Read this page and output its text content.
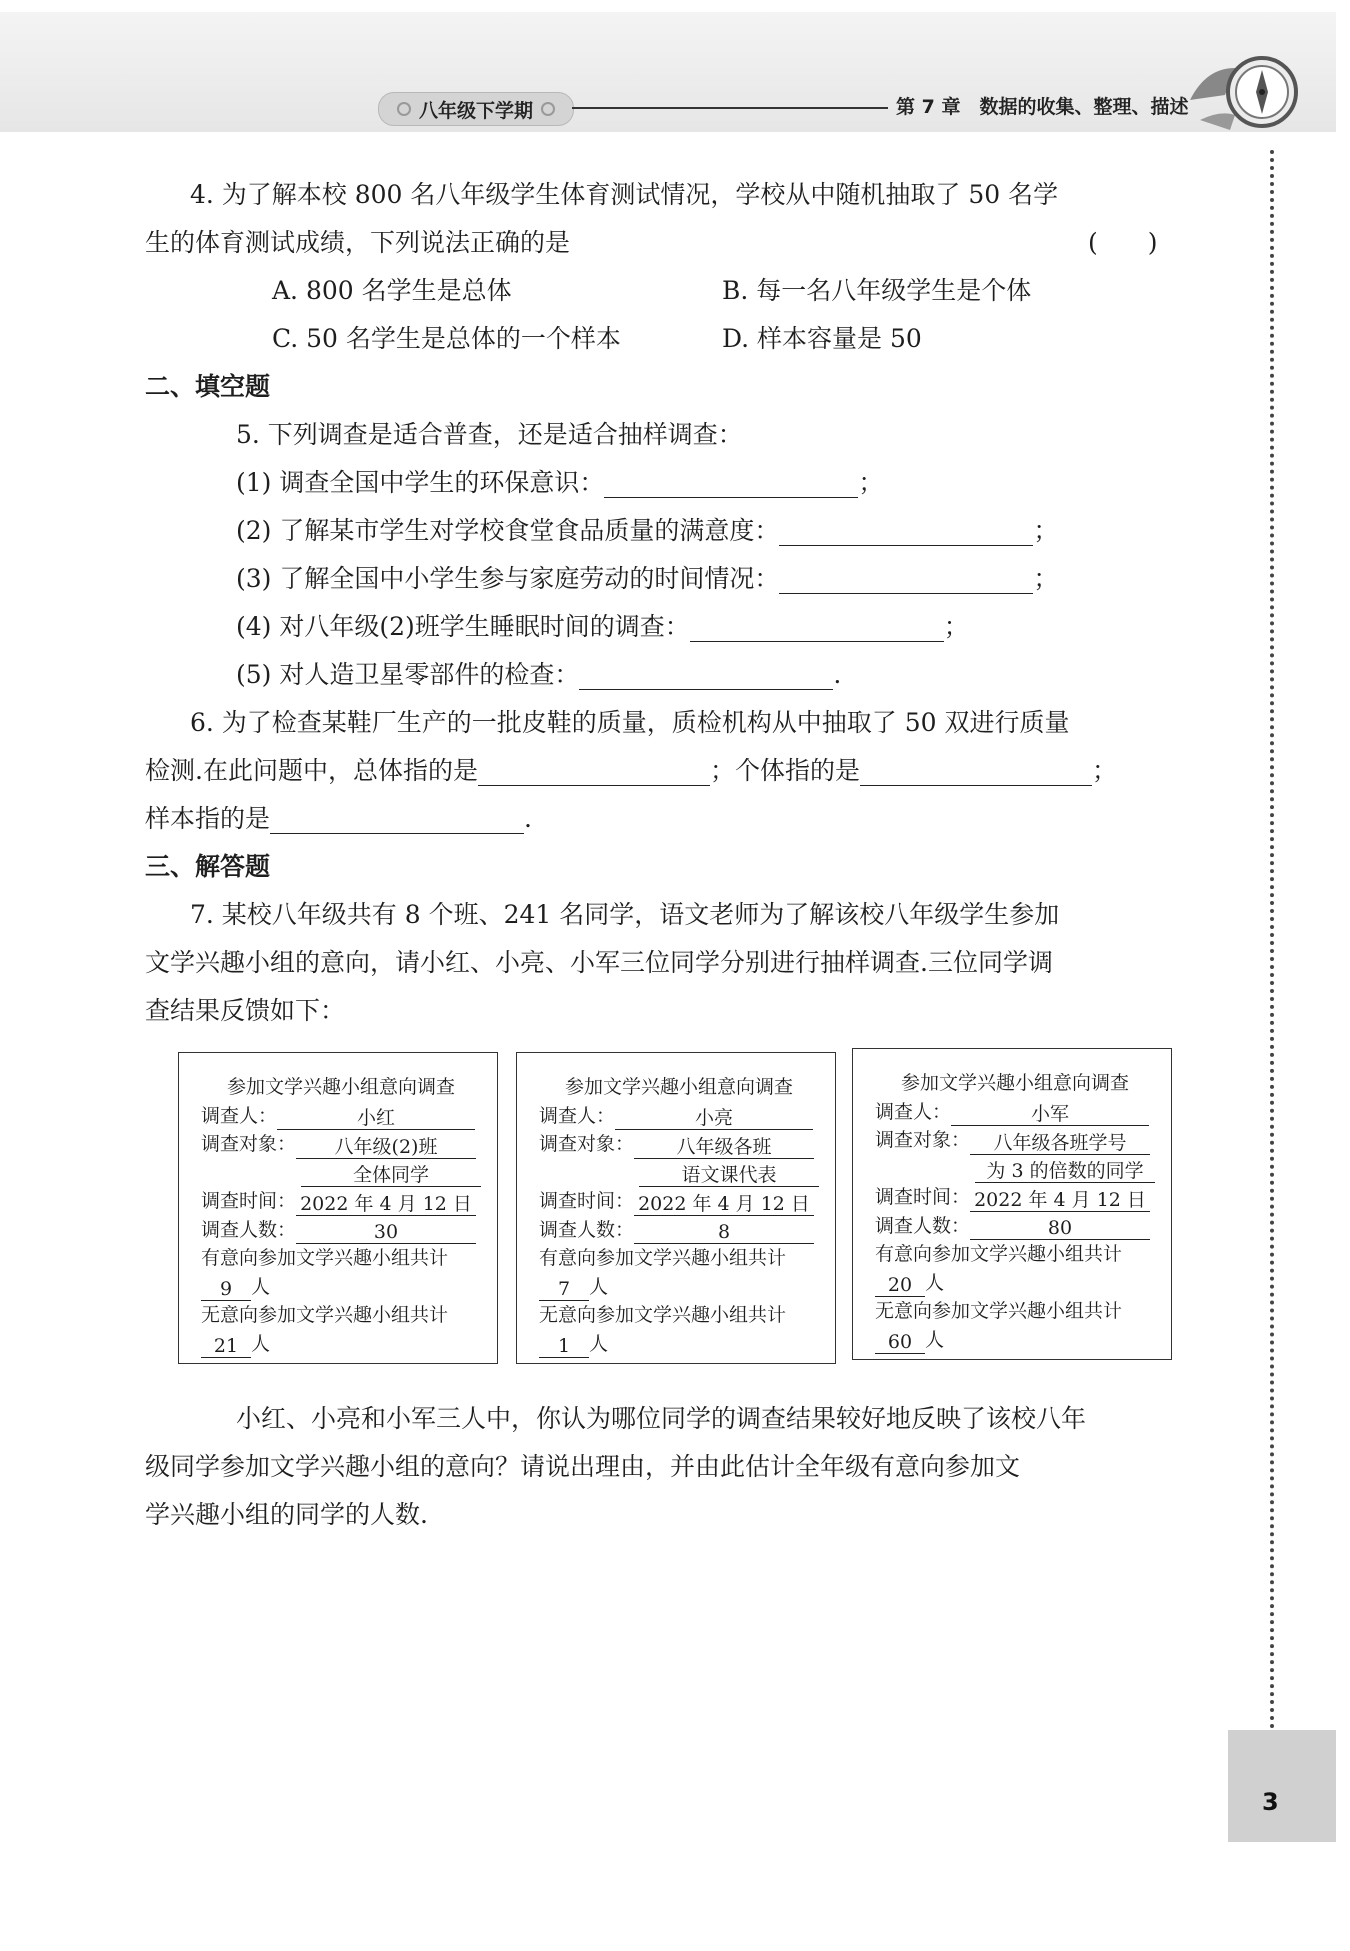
八年级下学期	第 7 章　数据的收集、整理、描述
4. 为了解本校 800 名八年级学生体育测试情况，学校从中随机抽取了 50 名学
生的体育测试成绩，下列说法正确的是	(　　)
A. 800 名学生是总体	B. 每一名八年级学生是个体
C. 50 名学生是总体的一个样本	D. 样本容量是 50
二、填空题
5. 下列调查是适合普查，还是适合抽样调查：
(1) 调查全国中学生的环保意识：	；
(2) 了解某市学生对学校食堂食品质量的满意度：	；
(3) 了解全国中小学生参与家庭劳动的时间情况：	；
(4) 对八年级(2)班学生睡眠时间的调查：	；
(5) 对人造卫星零部件的检查：	.
6. 为了检查某鞋厂生产的一批皮鞋的质量，质检机构从中抽取了 50 双进行质量
检测.在此问题中，总体指的是	；个体指的是	；
样本指的是	.
三、解答题
7. 某校八年级共有 8 个班、241 名同学，语文老师为了解该校八年级学生参加
文学兴趣小组的意向，请小红、小亮、小军三位同学分别进行抽样调查.三位同学调
查结果反馈如下：
参加文学兴趣小组意向调查
调查人：	小红
调查对象： 八年级(2)班
全体同学
调查时间： 2022 年 4 月 12 日
调查人数：	30
有意向参加文学兴趣小组共计
9 人
无意向参加文学兴趣小组共计
21 人
参加文学兴趣小组意向调查
调查人：	小亮
调查对象： 八年级各班
语文课代表
调查时间： 2022 年 4 月 12 日
调查人数：	8
有意向参加文学兴趣小组共计
7 人
无意向参加文学兴趣小组共计
1 人
参加文学兴趣小组意向调查
调查人：	小军
调查对象： 八年级各班学号
为 3 的倍数的同学
调查时间： 2022 年 4 月 12 日
调查人数：	80
有意向参加文学兴趣小组共计
20 人
无意向参加文学兴趣小组共计
60 人
小红、小亮和小军三人中，你认为哪位同学的调查结果较好地反映了该校八年
级同学参加文学兴趣小组的意向？请说出理由，并由此估计全年级有意向参加文
学兴趣小组的同学的人数.
3
